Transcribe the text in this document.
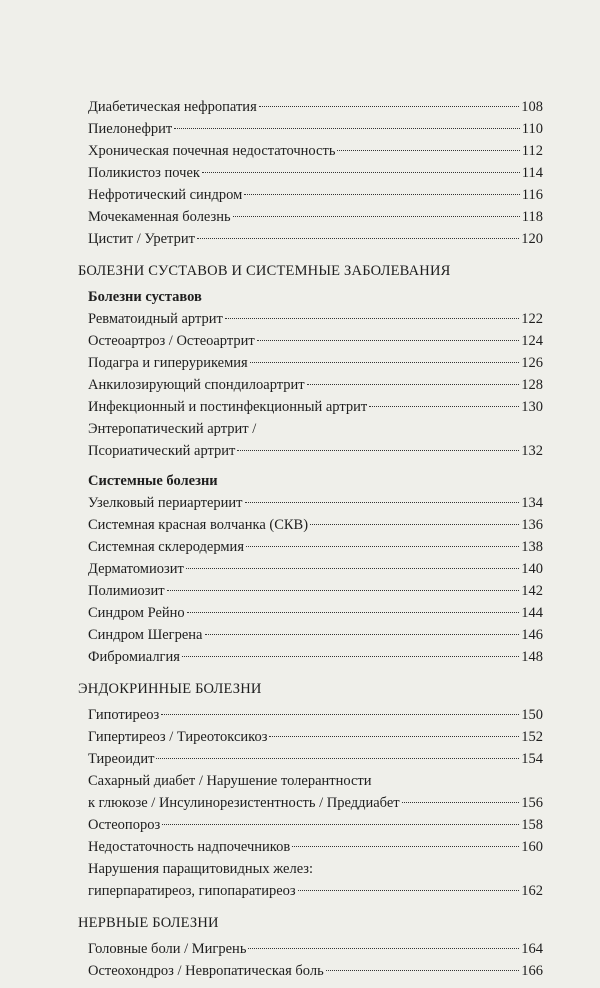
Диабетическая нефропатия	108
Пиелонефрит	110
Хроническая почечная недостаточность	112
Поликистоз почек	114
Нефротический синдром	116
Мочекаменная болезнь	118
Цистит / Уретрит	120
БОЛЕЗНИ СУСТАВОВ И СИСТЕМНЫЕ ЗАБОЛЕВАНИЯ
Болезни суставов
Ревматоидный артрит	122
Остеоартроз / Остеоартрит	124
Подагра и гиперурикемия	126
Анкилозирующий спондилоартрит	128
Инфекционный и постинфекционный артрит	130
Энтеропатический артрит /
Псориатический артрит	132
Системные болезни
Узелковый периартериит	134
Системная красная волчанка (СКВ)	136
Системная склеродермия	138
Дерматомиозит	140
Полимиозит	142
Синдром Рейно	144
Синдром Шегрена	146
Фибромиалгия	148
ЭНДОКРИННЫЕ БОЛЕЗНИ
Гипотиреоз	150
Гипертиреоз / Тиреотоксикоз	152
Тиреоидит	154
Сахарный диабет / Нарушение толерантности
к глюкозе / Инсулинорезистентность / Преддиабет	156
Остеопороз	158
Недостаточность надпочечников	160
Нарушения паращитовидных желез:
гиперпаратиреоз, гипопаратиреоз	162
НЕРВНЫЕ БОЛЕЗНИ
Головные боли / Мигрень	164
Остеохондроз / Невропатическая боль	166
